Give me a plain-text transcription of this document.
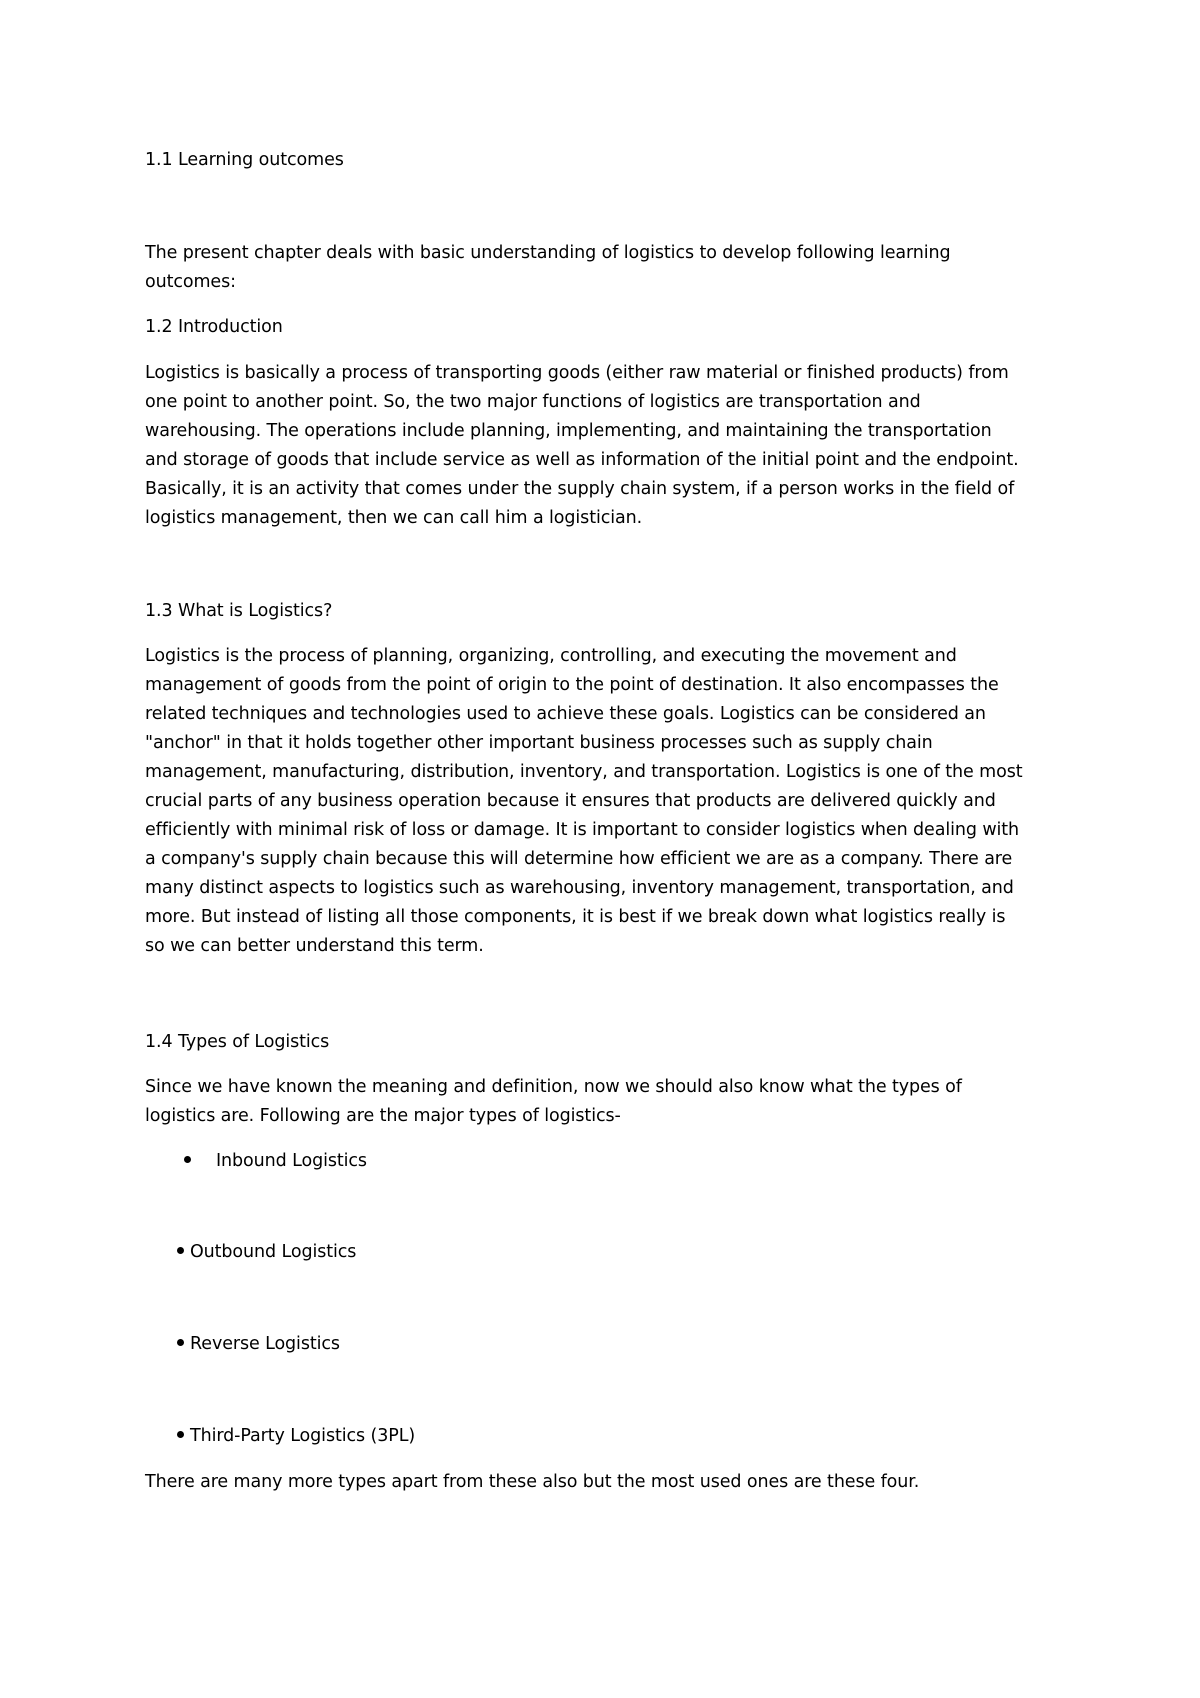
1.1 Learning outcomes

The present chapter deals with basic understanding of logistics to develop following learning

outcomes:

1.2 Introduction

Logistics is basically a process of transporting goods (either raw material or finished products) from

one point to another point. So, the two major functions of logistics are transportation and

warehousing. The operations include planning, implementing, and maintaining the transportation

and storage of goods that include service as well as information of the initial point and the endpoint.

Basically, it is an activity that comes under the supply chain system, if a person works in the field of

logistics management, then we can call him a logistician.

1.3 What is Logistics?

Logistics is the process of planning, organizing, controlling, and executing the movement and

management of goods from the point of origin to the point of destination. It also encompasses the

related techniques and technologies used to achieve these goals. Logistics can be considered an

"anchor" in that it holds together other important business processes such as supply chain

management, manufacturing, distribution, inventory, and transportation. Logistics is one of the most

crucial parts of any business operation because it ensures that products are delivered quickly and

efficiently with minimal risk of loss or damage. It is important to consider logistics when dealing with

a company's supply chain because this will determine how efficient we are as a company. There are

many distinct aspects to logistics such as warehousing, inventory management, transportation, and

more. But instead of listing all those components, it is best if we break down what logistics really is

so we can better understand this term.

1.4 Types of Logistics

Since we have known the meaning and definition, now we should also know what the types of

logistics are. Following are the major types of logistics-

Inbound Logistics
Outbound Logistics
Reverse Logistics
Third-Party Logistics (3PL)

There are many more types apart from these also but the most used ones are these four.
